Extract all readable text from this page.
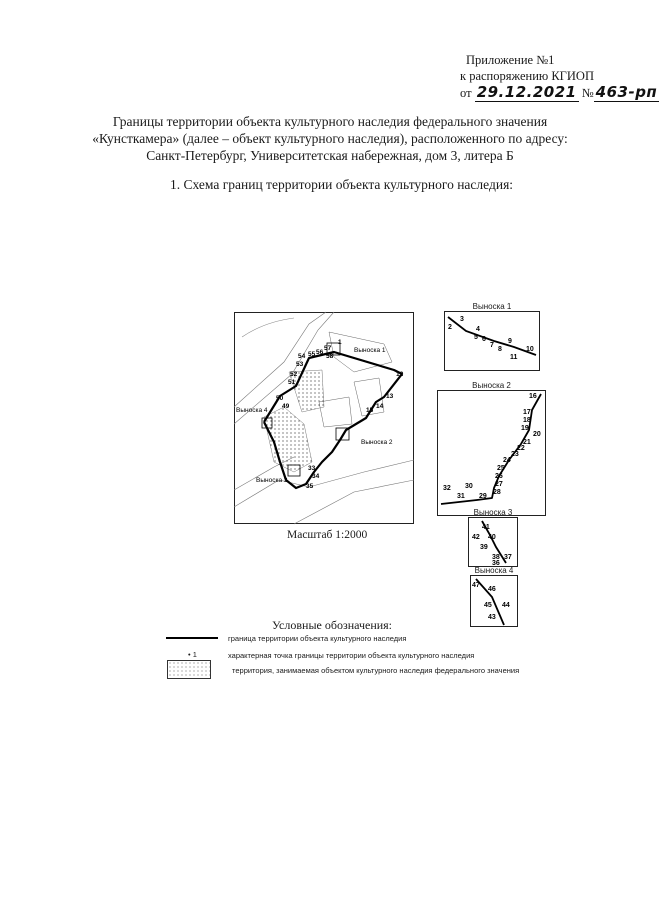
Приложение №1
к распоряжению КГИОП
от 29.12.2021 № 463-рп
Границы территории объекта культурного наследия федерального значения
«Кунсткамера» (далее – объект культурного наследия), расположенного по адресу:
Санкт-Петербург, Университетская набережная, дом 3, литера Б
1. Схема границ территории объекта культурного наследия:
Выноска 1
Выноска 2
Выноска 3
Выноска 4
1
12
13
14
15
33
34
35
49
50
51
52
53
54 55 56
57
58
Выноска 1
2
3
4
5 6
7
8
9
10
11
Выноска 2
16
17
18
19
20
21
22
23
24
25
26
27
28
29
30
31
32
Выноска 3
41
42 40
39
38 37
36
Выноска 4
47
46
45 44
43
Масштаб 1:2000
Условные обозначения:
граница территории объекта культурного наследия
• 1	характерная точка границы территории объекта культурного наследия
территория, занимаемая объектом культурного наследия федерального значения
